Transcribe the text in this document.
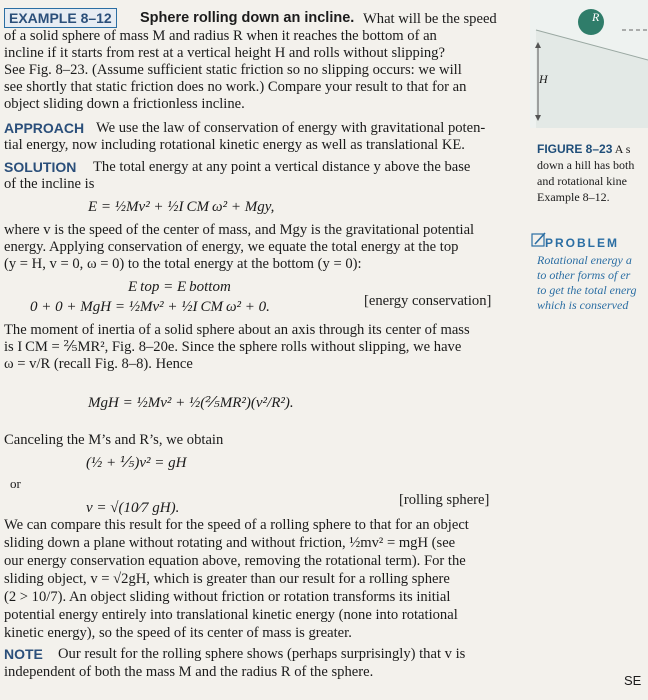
R
H
EXAMPLE 8–12	Sphere rolling down an incline. What will be the speed
of a solid sphere of mass M and radius R when it reaches the bottom of an
incline if it starts from rest at a vertical height H and rolls without slipping?
See Fig. 8–23. (Assume sufficient static friction so no slipping occurs: we will
see shortly that static friction does no work.) Compare your result to that for an
object sliding down a frictionless incline.
APPROACH We use the law of conservation of energy with gravitational poten-
tial energy, now including rotational kinetic energy as well as translational KE.
SOLUTION The total energy at any point a vertical distance y above the base
of the incline is
E = ½Mv² + ½I CM ω² + Mgy,
where v is the speed of the center of mass, and Mgy is the gravitational potential
energy. Applying conservation of energy, we equate the total energy at the top
(y = H, v = 0, ω = 0) to the total energy at the bottom (y = 0):
E top = E bottom
0 + 0 + MgH = ½Mv² + ½I CM ω² + 0.	[energy conservation]
The moment of inertia of a solid sphere about an axis through its center of mass
is I CM = ⅖MR², Fig. 8–20e. Since the sphere rolls without slipping, we have
ω = v/R (recall Fig. 8–8). Hence
MgH = ½Mv² + ½(⅖MR²)(v²/R²).
Canceling the M’s and R’s, we obtain
(½ + ⅕)v² = gH
or
v = √(10⁄7 gH).	[rolling sphere]
We can compare this result for the speed of a rolling sphere to that for an object
sliding down a plane without rotating and without friction, ½mv² = mgH (see
our energy conservation equation above, removing the rotational term). For the
sliding object, v = √2gH, which is greater than our result for a rolling sphere
(2 > 10/7). An object sliding without friction or rotation transforms its initial
potential energy entirely into translational kinetic energy (none into rotational
kinetic energy), so the speed of its center of mass is greater.
NOTE Our result for the rolling sphere shows (perhaps surprisingly) that v is
independent of both the mass M and the radius R of the sphere.
FIGURE 8–23 A s
down a hill has both
and rotational kine
Example 8–12.
PROBLEM
Rotational energy a
to other forms of er
to get the total energ
which is conserved
SE
